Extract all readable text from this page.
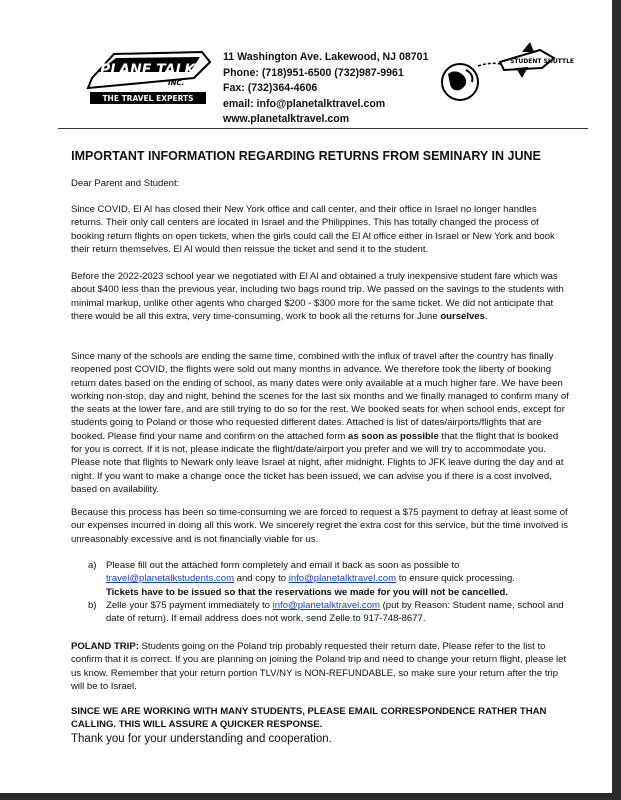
PLANE TALK
INC.
THE TRAVEL EXPERTS
11 Washington Ave. Lakewood, NJ 08701
Phone: (718)951-6500 (732)987-9961
Fax: (732)364-4606
email: info@planetalktravel.com
www.planetalktravel.com
STUDENT SHUTTLE
IMPORTANT INFORMATION REGARDING RETURNS FROM SEMINARY IN JUNE
Dear Parent and Student:

Since COVID, El Al has closed their New York office and call center, and their office in Israel no longer handles returns. Their only call centers are located in Israel and the Philippines. This has totally changed the process of booking return flights on open tickets, when the girls could call the El Al office either in Israel or New York and book their return themselves. El Al would then reissue the ticket and send it to the student.

Before the 2022-2023 school year we negotiated with El Al and obtained a truly inexpensive student fare which was about $400 less than the previous year, including two bags round trip. We passed on the savings to the students with minimal markup, unlike other agents who charged $200 - $300 more for the same ticket. We did not anticipate that there would be all this extra, very time-consuming, work to book all the returns for June ourselves.

Since many of the schools are ending the same time, combined with the influx of travel after the country has finally reopened post COVID, the flights were sold out many months in advance. We therefore took the liberty of booking return dates based on the ending of school, as many dates were only available at a much higher fare. We have been working non-stop, day and night, behind the scenes for the last six months and we finally managed to confirm many of the seats at the lower fare, and are still trying to do so for the rest. We booked seats for when school ends, except for students going to Poland or those who requested different dates. Attached is list of dates/airports/flights that are booked. Please find your name and confirm on the attached form as soon as possible that the flight that is booked for you is correct. If it is not, please indicate the flight/date/airport you prefer and we will try to accommodate you. Please note that flights to Newark only leave Israel at night, after midnight. Flights to JFK leave during the day and at night. If you want to make a change once the ticket has been issued, we can advise you if there is a cost involved, based on availability.

Because this process has been so time-consuming we are forced to request a $75 payment to defray at least some of our expenses incurred in doing all this work. We sincerely regret the extra cost for this service, but the time involved is unreasonably excessive and is not financially viable for us.

a) Please fill out the attached form completely and email it back as soon as possible to
travel@planetalkstudents.com and copy to info@planetalktravel.com to ensure quick processing.
Tickets have to be issued so that the reservations we made for you will not be cancelled.
b) Zelle your $75 payment immediately to info@planetalktravel.com (put by Reason: Student name, school and date of return). If email address does not work, send Zelle to 917-748-8677.

POLAND TRIP: Students going on the Poland trip probably requested their return date. Please refer to the list to confirm that it is correct. If you are planning on joining the Poland trip and need to change your return flight, please let us know. Remember that your return portion TLV/NY is NON-REFUNDABLE, so make sure your return after the trip will be to Israel.

SINCE WE ARE WORKING WITH MANY STUDENTS, PLEASE EMAIL CORRESPONDENCE RATHER THAN CALLING. THIS WILL ASSURE A QUICKER RESPONSE.

Thank you for your understanding and cooperation.
